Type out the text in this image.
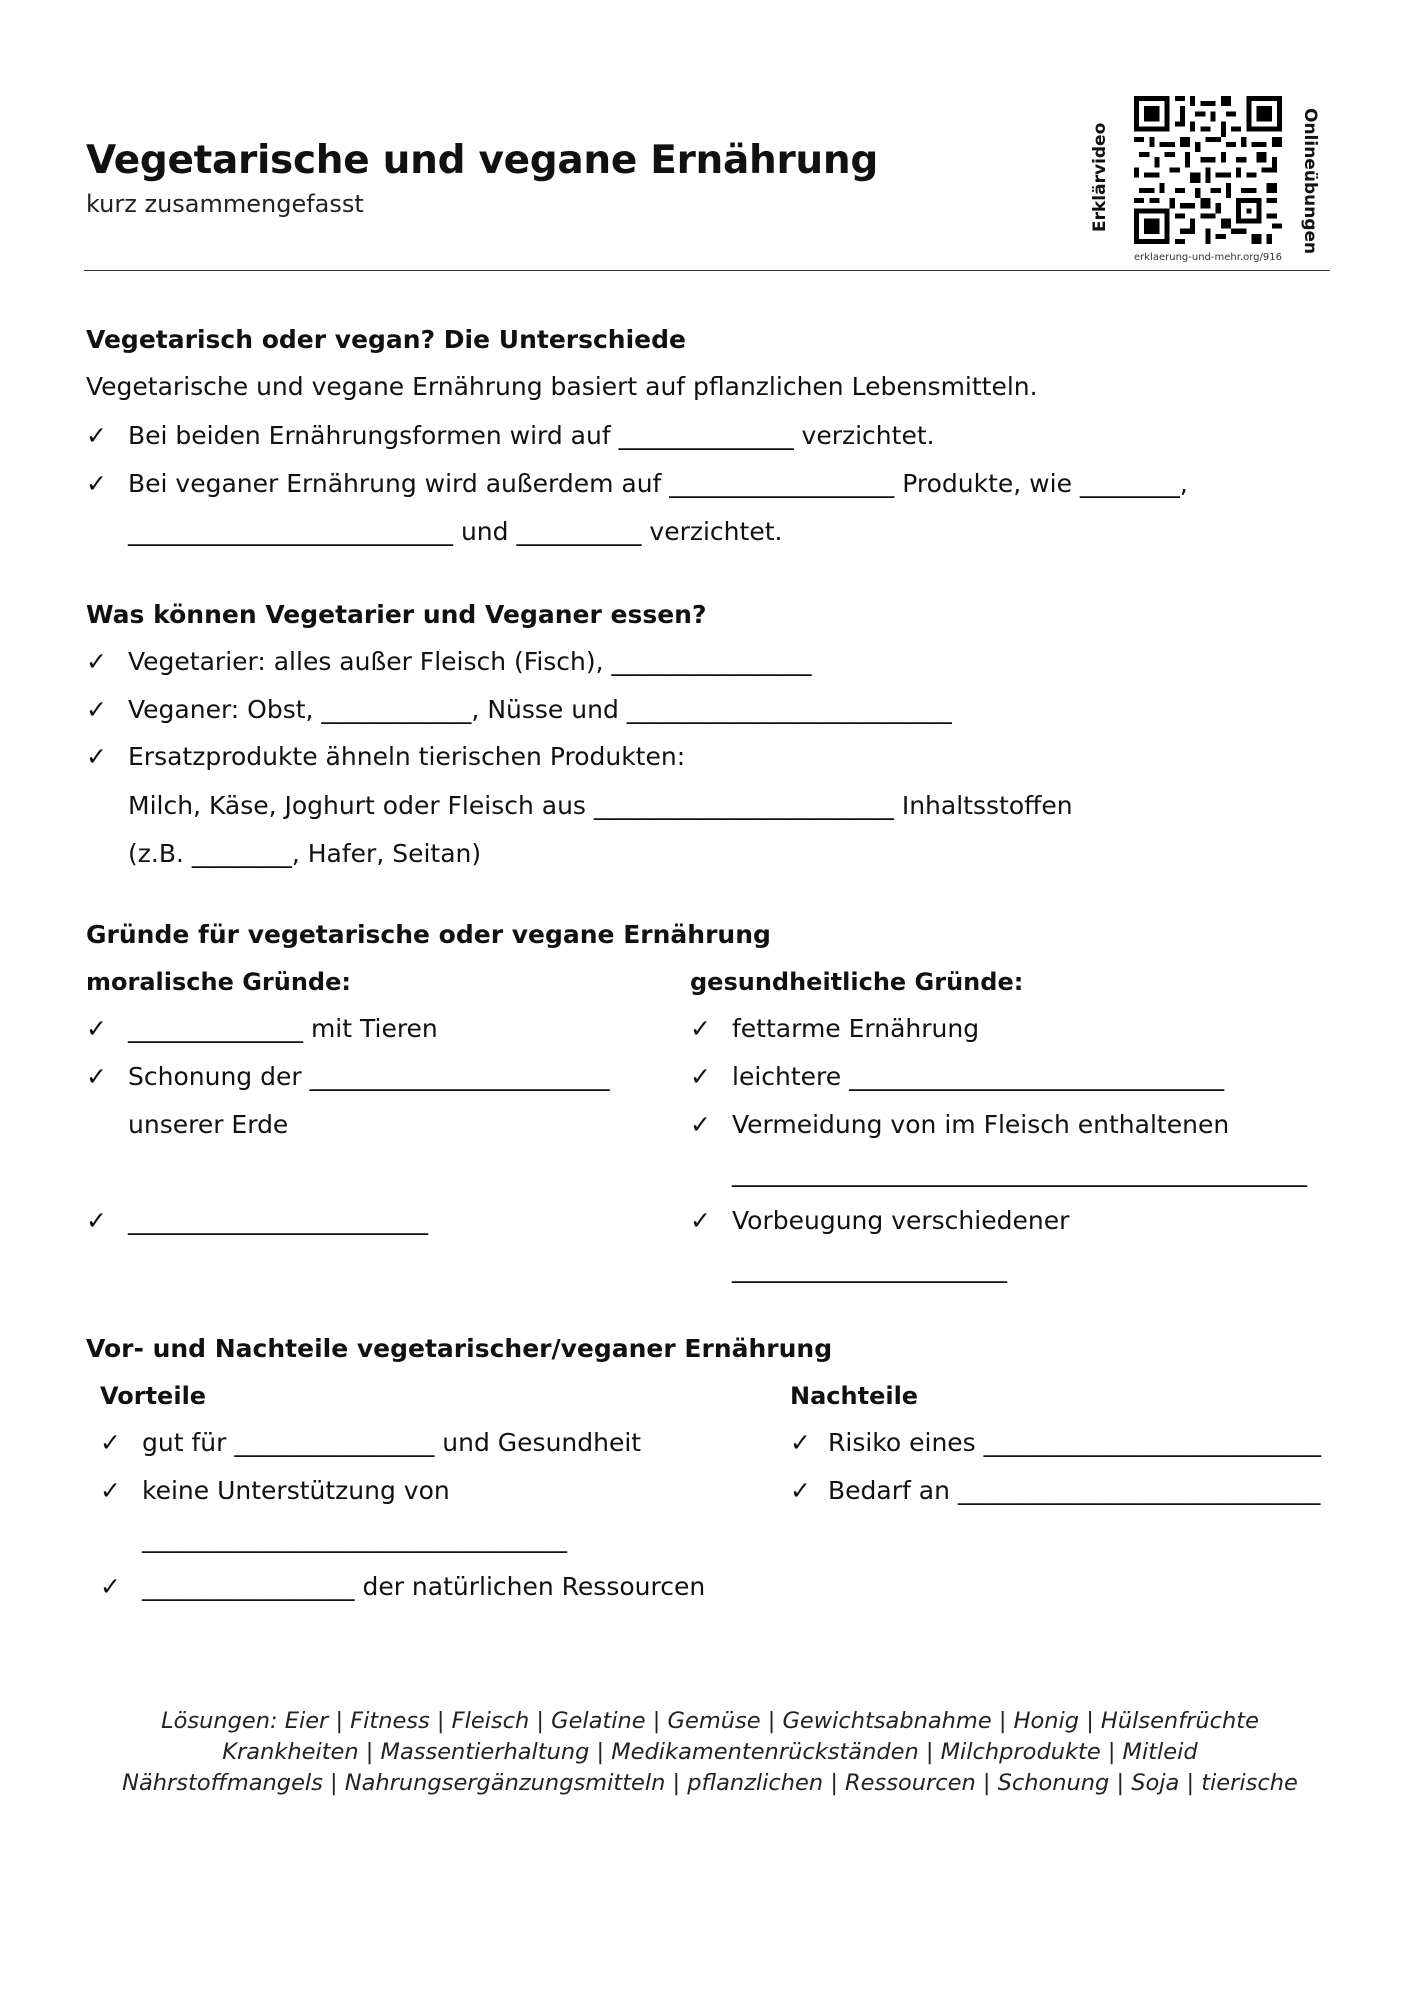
Vegetarische und vegane Ernährung
kurz zusammengefasst	Erklärvideo	Onlineübungen
erklaerung-und-mehr.org/916
Vegetarisch oder vegan? Die Unterschiede
Vegetarische und vegane Ernährung basiert auf pflanzlichen Lebensmitteln.
✓ Bei beiden Ernährungsformen wird auf ______________ verzichtet.
✓ Bei veganer Ernährung wird außerdem auf __________________ Produkte, wie ________,
__________________________ und __________ verzichtet.
Was können Vegetarier und Veganer essen?
✓ Vegetarier: alles außer Fleisch (Fisch), ________________
✓ Veganer: Obst, ____________, Nüsse und __________________________
✓ Ersatzprodukte ähneln tierischen Produkten:
Milch, Käse, Joghurt oder Fleisch aus ________________________ Inhaltsstoffen
(z.B. ________, Hafer, Seitan)
Gründe für vegetarische oder vegane Ernährung
moralische Gründe:
✓ ______________ mit Tieren
✓ Schonung der ________________________
unserer Erde
✓ ________________________
gesundheitliche Gründe:
✓ fettarme Ernährung
✓ leichtere ______________________________
✓ Vermeidung von im Fleisch enthaltenen
______________________________________________
✓ Vorbeugung verschiedener
______________________
Vor- und Nachteile vegetarischer/veganer Ernährung
Vorteile
✓ gut für ________________ und Gesundheit
✓ keine Unterstützung von
__________________________________
✓ _________________ der natürlichen Ressourcen
Nachteile
✓ Risiko eines ___________________________
✓ Bedarf an _____________________________
Lösungen: Eier | Fitness | Fleisch | Gelatine | Gemüse | Gewichtsabnahme | Honig | Hülsenfrüchte
Krankheiten | Massentierhaltung | Medikamentenrückständen | Milchprodukte | Mitleid
Nährstoffmangels | Nahrungsergänzungsmitteln | pflanzlichen | Ressourcen | Schonung | Soja | tierische
